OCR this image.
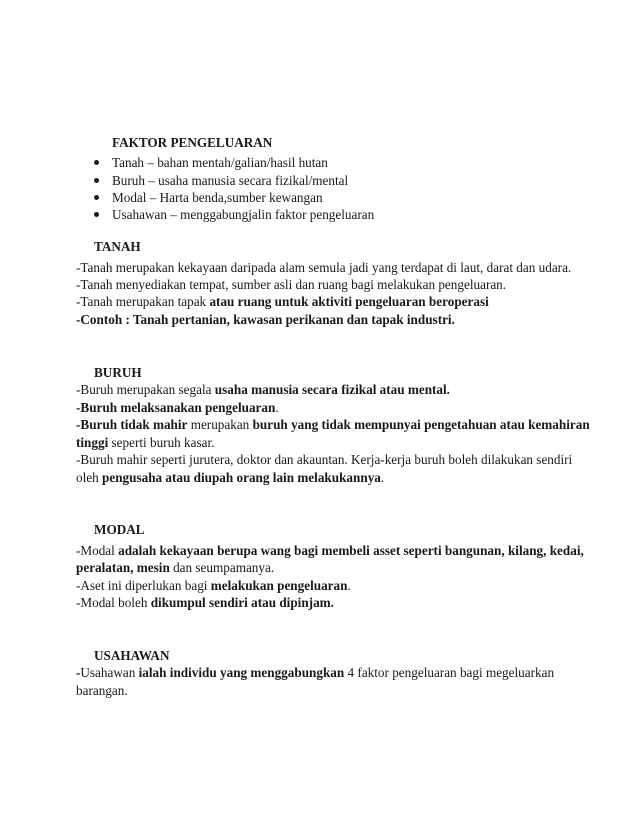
FAKTOR PENGELUARAN
Tanah – bahan mentah/galian/hasil hutan
Buruh – usaha manusia secara fizikal/mental
Modal – Harta benda,sumber kewangan
Usahawan – menggabungjalin faktor pengeluaran
TANAH
-Tanah merupakan kekayaan daripada alam semula jadi yang terdapat di laut, darat dan udara.
-Tanah menyediakan tempat, sumber asli dan ruang bagi melakukan pengeluaran.
-Tanah merupakan tapak atau ruang untuk aktiviti pengeluaran beroperasi
-Contoh : Tanah pertanian, kawasan perikanan dan tapak industri.
BURUH
-Buruh merupakan segala usaha manusia secara fizikal atau mental.
-Buruh melaksanakan pengeluaran.
-Buruh tidak mahir merupakan buruh yang tidak mempunyai pengetahuan atau kemahiran
tinggi seperti buruh kasar.
-Buruh mahir seperti jurutera, doktor dan akauntan. Kerja-kerja buruh boleh dilakukan sendiri
oleh pengusaha atau diupah orang lain melakukannya.
MODAL
-Modal adalah kekayaan berupa wang bagi membeli asset seperti bangunan, kilang, kedai,
peralatan, mesin dan seumpamanya.
-Aset ini diperlukan bagi melakukan pengeluaran.
-Modal boleh dikumpul sendiri atau dipinjam.
USAHAWAN
-Usahawan ialah individu yang menggabungkan 4 faktor pengeluaran bagi megeluarkan
barangan.
